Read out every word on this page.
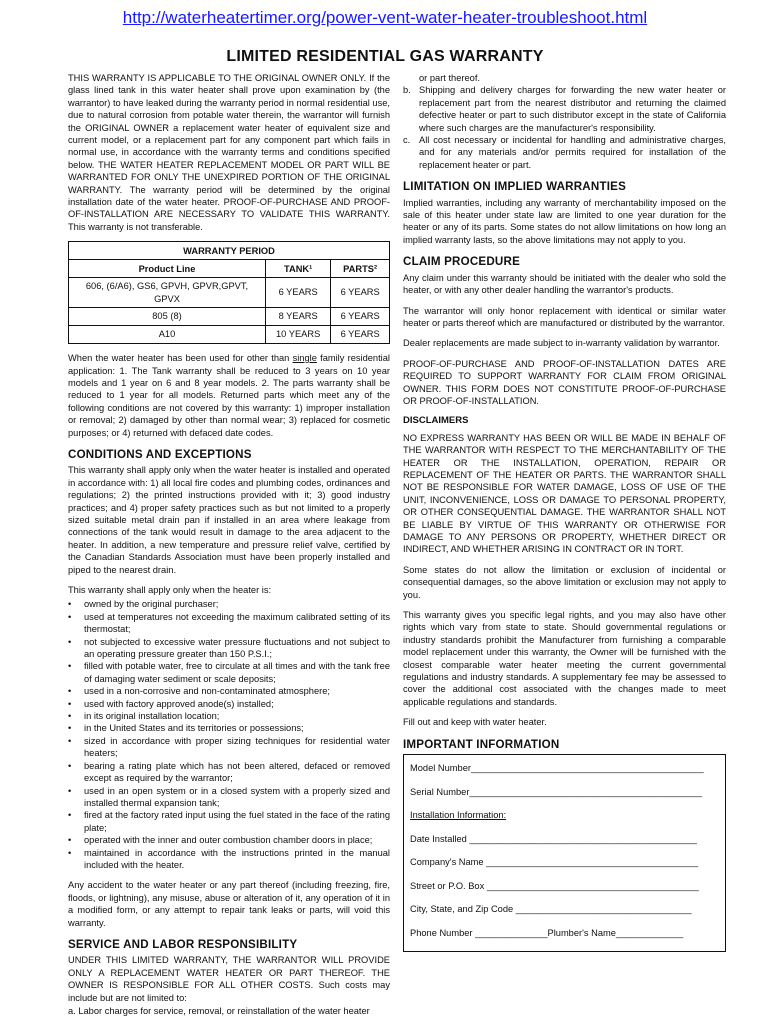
http://waterheatertimer.org/power-vent-water-heater-troubleshoot.html
LIMITED RESIDENTIAL GAS WARRANTY

THIS WARRANTY IS APPLICABLE TO THE ORIGINAL OWNER ONLY. If the glass lined tank in this water heater shall prove upon examination by (the warrantor) to have leaked during the warranty period in normal residential use, due to natural corrosion from potable water therein, the warrantor will furnish the ORIGINAL OWNER a replacement water heater of equivalent size and current model, or a replacement part for any component part which fails in normal use, in accordance with the warranty terms and conditions specified below. THE WATER HEATER REPLACEMENT MODEL OR PART WILL BE WARRANTED FOR ONLY THE UNEXPIRED PORTION OF THE ORIGINAL WARRANTY. The warranty period will be determined by the original installation date of the water heater. PROOF-OF-PURCHASE AND PROOF-OF-INSTALLATION ARE NECESSARY TO VALIDATE THIS WARRANTY. This warranty is not transferable.

WARRANTY PERIOD		
Product Line	TANK¹	PARTS²
606, (6/A6), GS6, GPVH, GPVR,GPVT, GPVX	6 YEARS	6 YEARS
805 (8)	8 YEARS	6 YEARS
A10	10 YEARS	6 YEARS

When the water heater has been used for other than single family residential application: 1. The Tank warranty shall be reduced to 3 years on 10 year models and 1 year on 6 and 8 year models. 2. The parts warranty shall be reduced to 1 year for all models. Returned parts which meet any of the following conditions are not covered by this warranty: 1) improper installation or removal; 2) damaged by other than normal wear; 3) replaced for cosmetic purposes; or 4) returned with defaced date codes.

CONDITIONS AND EXCEPTIONS

This warranty shall apply only when the water heater is installed and operated in accordance with: 1) all local fire codes and plumbing codes, ordinances and regulations; 2) the printed instructions provided with it; 3) good industry practices; and 4) proper safety practices such as but not limited to a properly sized suitable metal drain pan if installed in an area where leakage from connections of the tank would result in damage to the area adjacent to the heater. In addition, a new temperature and pressure relief valve, certified by the Canadian Standards Association must have been properly installed and piped to the nearest drain.

This warranty shall apply only when the heater is:

• owned by the original purchaser;
• used at temperatures not exceeding the maximum calibrated setting of its thermostat;
• not subjected to excessive water pressure fluctuations and not subject to an operating pressure greater than 150 P.S.I.;
• filled with potable water, free to circulate at all times and with the tank free of damaging water sediment or scale deposits;
• used in a non-corrosive and non-contaminated atmosphere;
• used with factory approved anode(s) installed;
• in its original installation location;
• in the United States and its territories or possessions;
• sized in accordance with proper sizing techniques for residential water heaters;
• bearing a rating plate which has not been altered, defaced or removed except as required by the warrantor;
• used in an open system or in a closed system with a properly sized and installed thermal expansion tank;
• fired at the factory rated input using the fuel stated in the face of the rating plate;
• operated with the inner and outer combustion chamber doors in place;
• maintained in accordance with the instructions printed in the manual included with the heater.

Any accident to the water heater or any part thereof (including freezing, fire, floods, or lightning), any misuse, abuse or alteration of it, any operation of it in a modified form, or any attempt to repair tank leaks or parts, will void this warranty.

SERVICE AND LABOR RESPONSIBILITY

UNDER THIS LIMITED WARRANTY, THE WARRANTOR WILL PROVIDE ONLY A REPLACEMENT WATER HEATER OR PART THEREOF. THE OWNER IS RESPONSIBLE FOR ALL OTHER COSTS. Such costs may include but are not limited to:

a. Labor charges for service, removal, or reinstallation of the water heater
or part thereof.
b. Shipping and delivery charges for forwarding the new water heater or replacement part from the nearest distributor and returning the claimed defective heater or part to such distributor except in the state of California where such charges are the manufacturer's responsibility.
c. All cost necessary or incidental for handling and administrative charges, and for any materials and/or permits required for installation of the replacement heater or part.
LIMITATION ON IMPLIED WARRANTIES

Implied warranties, including any warranty of merchantability imposed on the sale of this heater under state law are limited to one year duration for the heater or any of its parts. Some states do not allow limitations on how long an implied warranty lasts, so the above limitations may not apply to you.

CLAIM PROCEDURE

Any claim under this warranty should be initiated with the dealer who sold the heater, or with any other dealer handling the warrantor's products.

The warrantor will only honor replacement with identical or similar water heater or parts thereof which are manufactured or distributed by the warrantor.

Dealer replacements are made subject to in-warranty validation by warrantor.

PROOF-OF-PURCHASE AND PROOF-OF-INSTALLATION DATES ARE REQUIRED TO SUPPORT WARRANTY FOR CLAIM FROM ORIGINAL OWNER. THIS FORM DOES NOT CONSTITUTE PROOF-OF-PURCHASE OR PROOF-OF-INSTALLATION.

DISCLAIMERS

NO EXPRESS WARRANTY HAS BEEN OR WILL BE MADE IN BEHALF OF THE WARRANTOR WITH RESPECT TO THE MERCHANTABILITY OF THE HEATER OR THE INSTALLATION, OPERATION, REPAIR OR REPLACEMENT OF THE HEATER OR PARTS. THE WARRANTOR SHALL NOT BE RESPONSIBLE FOR WATER DAMAGE, LOSS OF USE OF THE UNIT, INCONVENIENCE, LOSS OR DAMAGE TO PERSONAL PROPERTY, OR OTHER CONSEQUENTIAL DAMAGE. THE WARRANTOR SHALL NOT BE LIABLE BY VIRTUE OF THIS WARRANTY OR OTHERWISE FOR DAMAGE TO ANY PERSONS OR PROPERTY, WHETHER DIRECT OR INDIRECT, AND WHETHER ARISING IN CONTRACT OR IN TORT.

Some states do not allow the limitation or exclusion of incidental or consequential damages, so the above limitation or exclusion may not apply to you.

This warranty gives you specific legal rights, and you may also have other rights which vary from state to state. Should governmental regulations or industry standards prohibit the Manufacturer from furnishing a comparable model replacement under this warranty, the Owner will be furnished with the closest comparable water heater meeting the current governmental regulations and industry standards. A supplementary fee may be assessed to cover the additional cost associated with the changes made to meet applicable regulations and standards.

Fill out and keep with water heater.

IMPORTANT INFORMATION
Model Number_____________________________________________
Serial Number_____________________________________________
Installation Information:
Date Installed ____________________________________________
Company's Name _________________________________________
Street or P.O. Box _________________________________________
City, State, and Zip Code __________________________________
Phone Number ______________Plumber's Name_____________
